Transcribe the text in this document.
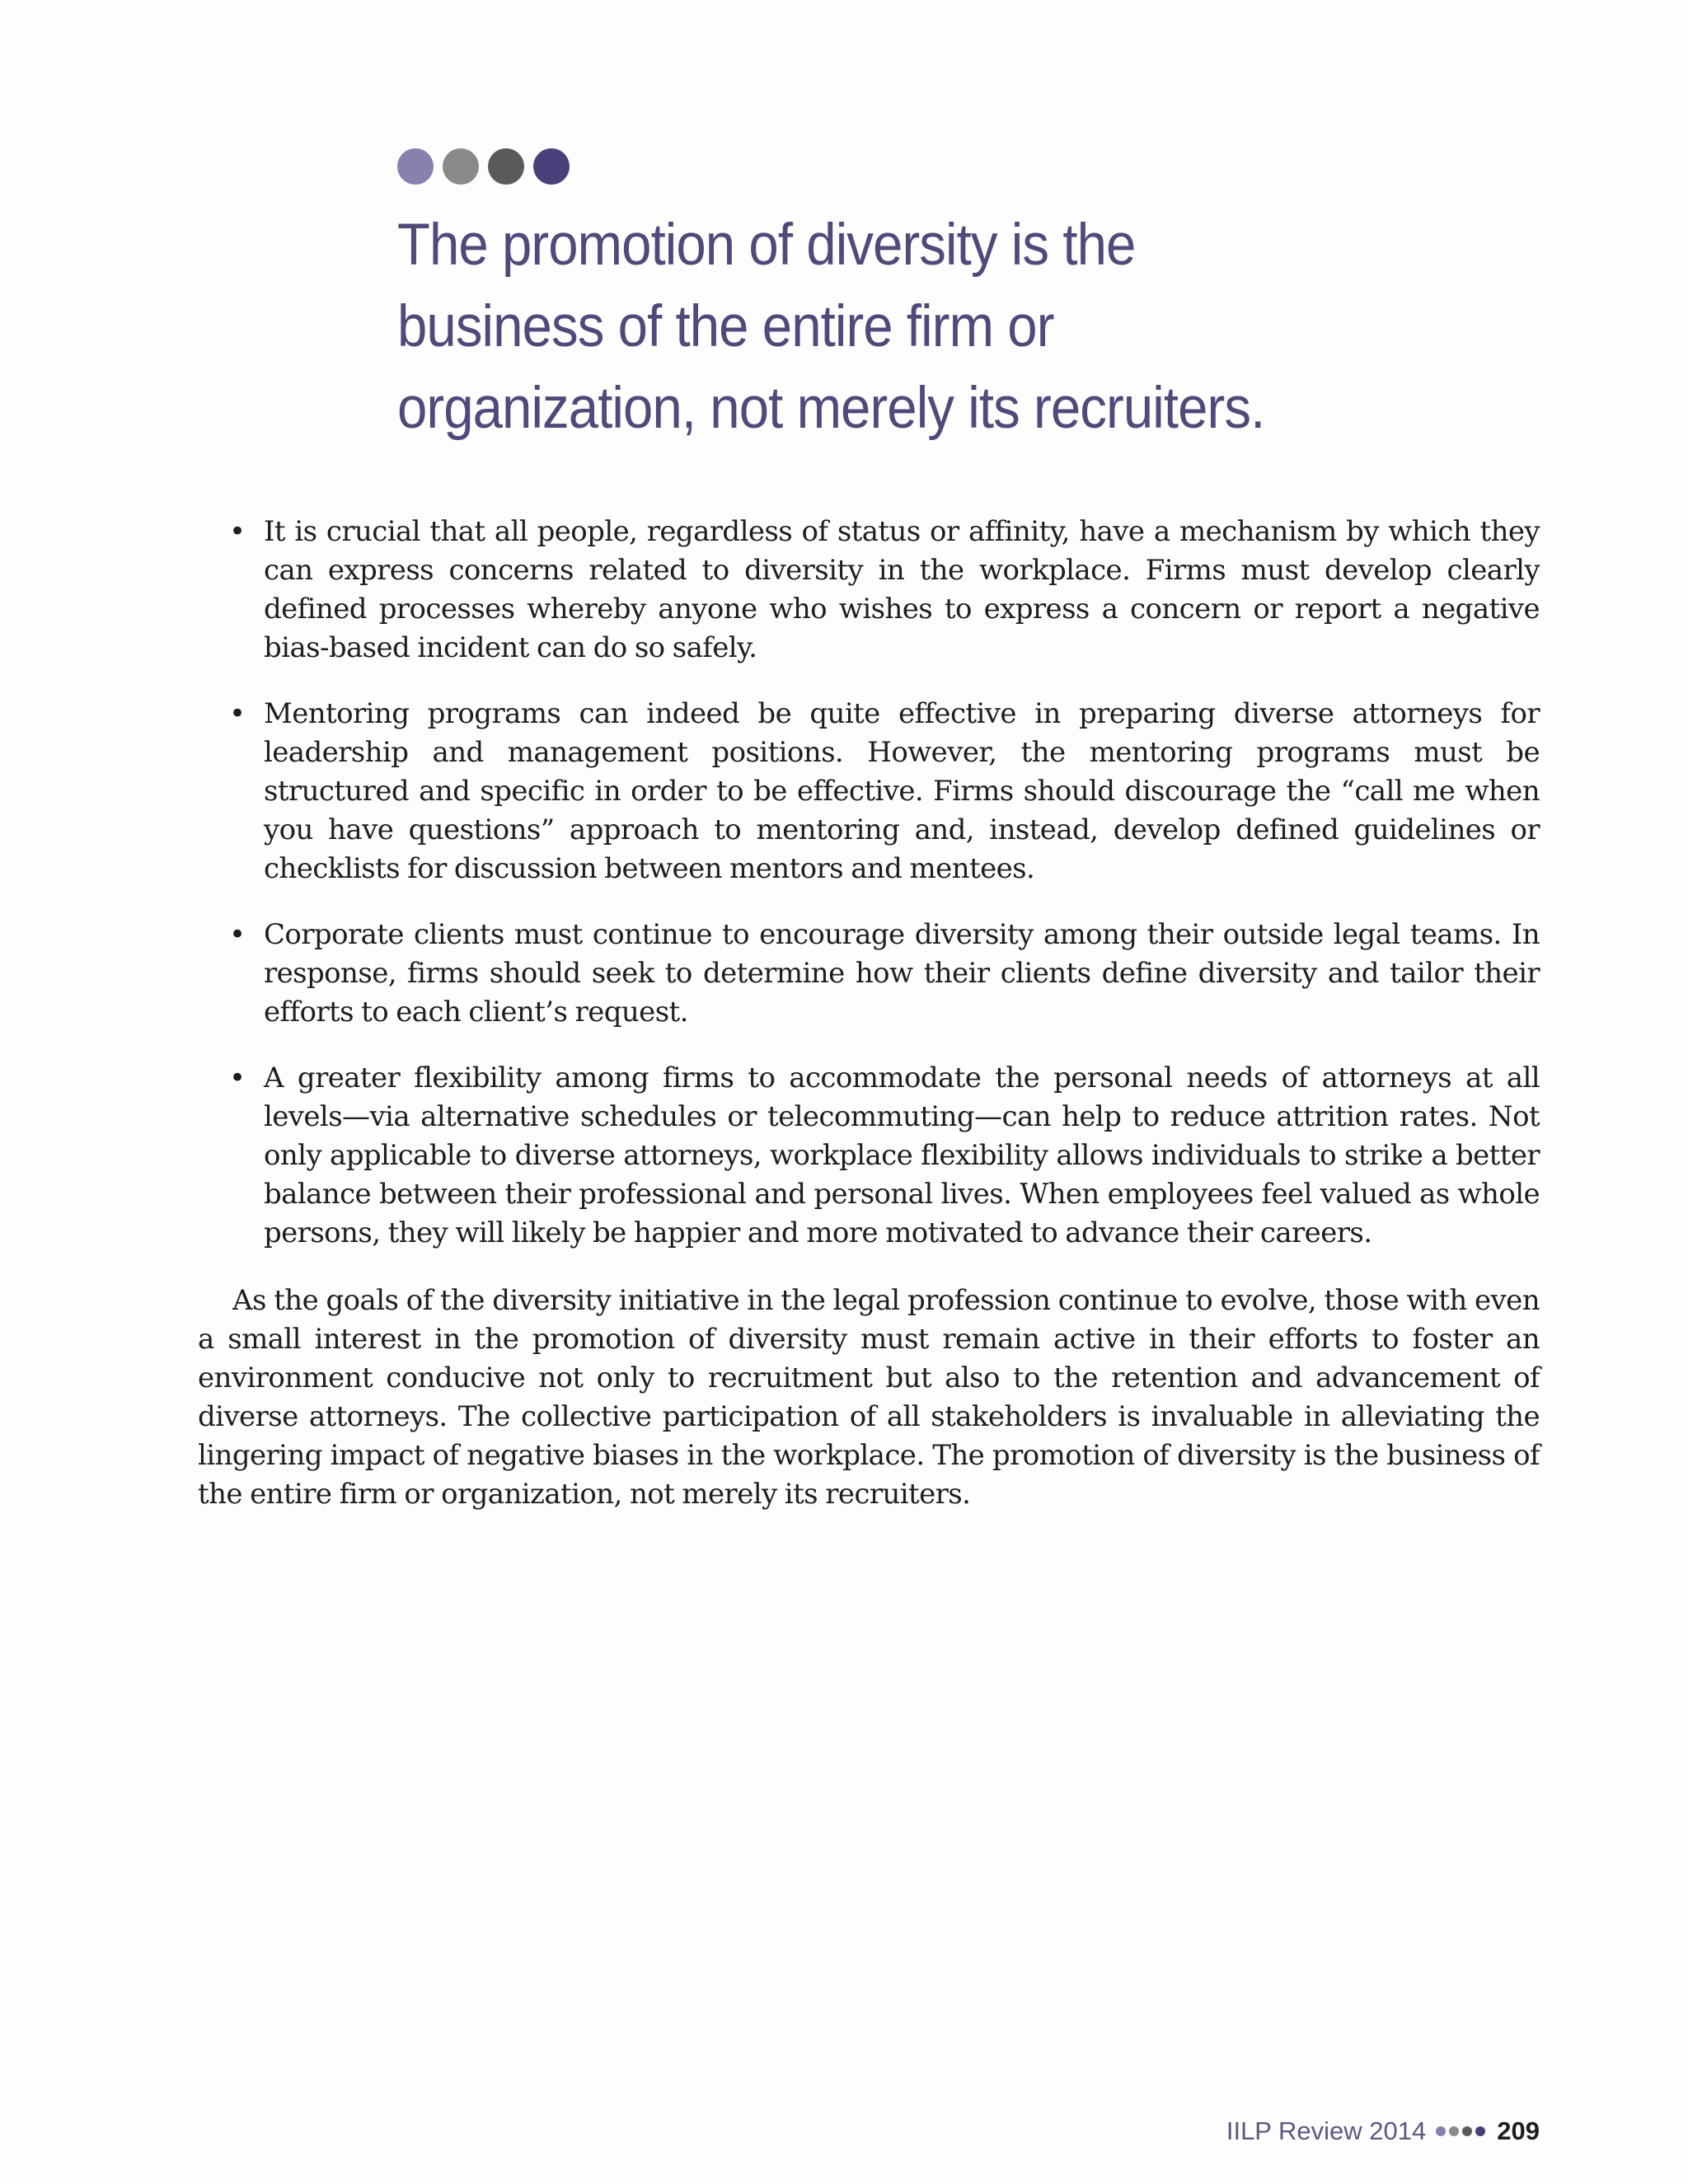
The promotion of diversity is the business of the entire firm or organization, not merely its recruiters.
• It is crucial that all people, regardless of status or affinity, have a mechanism by which they can express concerns related to diversity in the workplace. Firms must develop clearly defined processes whereby anyone who wishes to express a concern or report a negative bias-based incident can do so safely.

• Mentoring programs can indeed be quite effective in preparing diverse attorneys for leadership and management positions. However, the mentoring programs must be structured and specific in order to be effective. Firms should discourage the “call me when you have questions” approach to mentoring and, instead, develop defined guidelines or checklists for discussion between mentors and mentees.

• Corporate clients must continue to encourage diversity among their outside legal teams. In response, firms should seek to determine how their clients define diversity and tailor their efforts to each client’s request.

• A greater flexibility among firms to accommodate the personal needs of attorneys at all levels—via alternative schedules or telecommuting—can help to reduce attrition rates. Not only applicable to diverse attorneys, workplace flexibility allows individuals to strike a better balance between their professional and personal lives. When employees feel valued as whole persons, they will likely be happier and more motivated to advance their careers.

As the goals of the diversity initiative in the legal profession continue to evolve, those with even a small interest in the promotion of diversity must remain active in their efforts to foster an environment conducive not only to recruitment but also to the retention and advancement of diverse attorneys. The collective participation of all stakeholders is invaluable in alleviating the lingering impact of negative biases in the workplace. The promotion of diversity is the business of the entire firm or organization, not merely its recruiters.

IILP Review 2014	209
